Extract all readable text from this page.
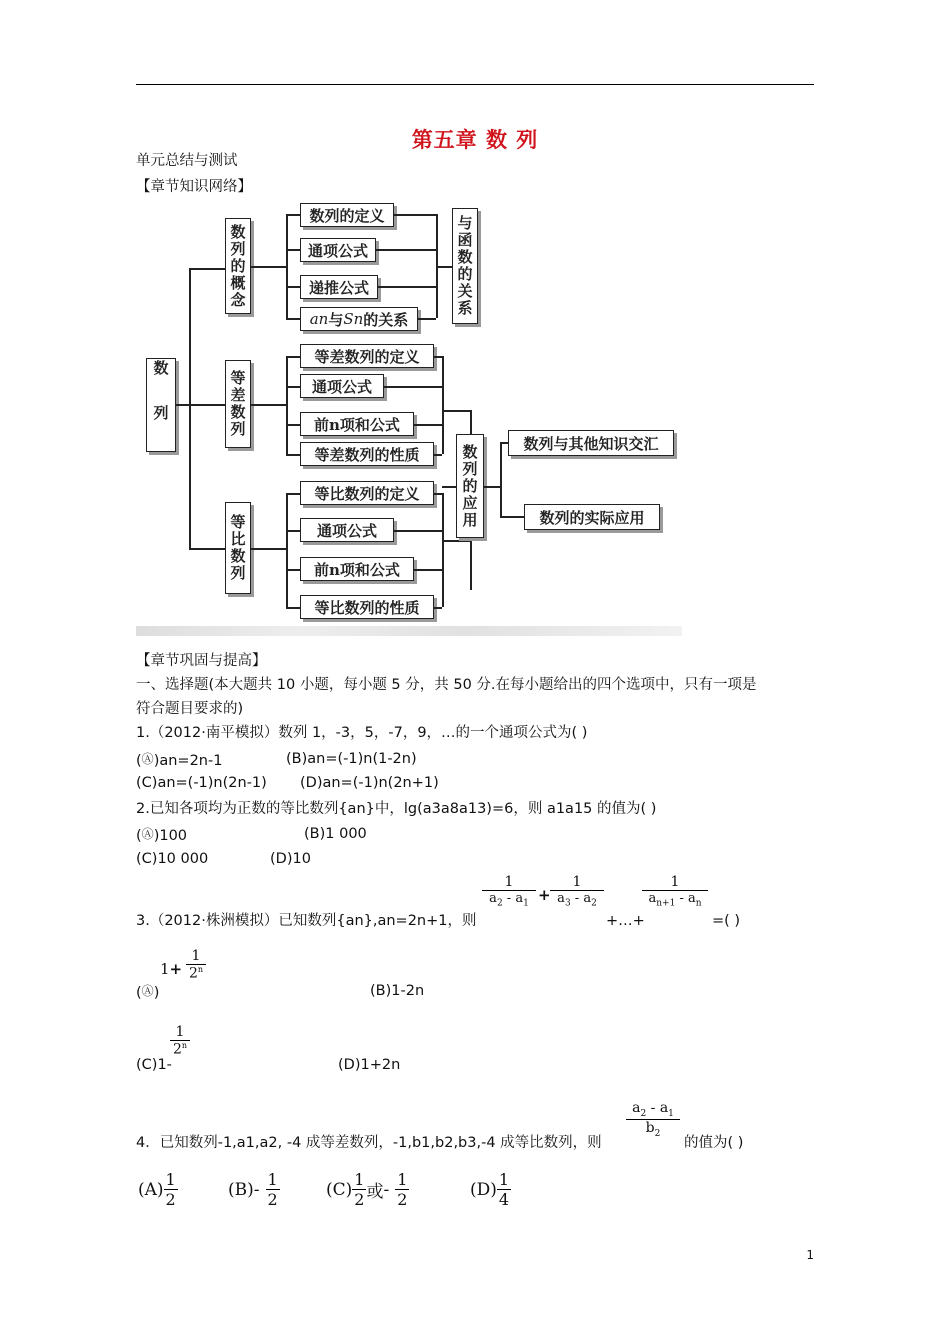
第五章 数 列
单元总结与测试
【章节知识网络】
数列
数列的概念
数列的定义
通项公式
递推公式
an 与 Sn 的关系
与函数的关系
等差数列
等差数列的定义
通项公式
前n项和公式
等差数列的性质
等比数列
等比数列的定义
通项公式
前n项和公式
等比数列的性质
数列的应用	数列与其他知识交汇
数列的实际应用
【章节巩固与提高】
一、选择题(本大题共 10 小题，每小题 5 分，共 50 分.在每小题给出的四个选项中，只有一项是
符合题目要求的)
1.（2012·南平模拟）数列 1，-3，5，-7，9，…的一个通项公式为( )
(Ⓐ)an=2n-1	(B)an=(-1)n(1-2n)
(C)an=(-1)n(2n-1) (D)an=(-1)n(2n+1)
2.已知各项均为正数的等比数列{an}中，lg(a3a8a13)=6，则 a1a15 的值为( )
(Ⓐ)100	(B)1 000
(C)10 000	(D)10
3.（2012·株洲模拟）已知数列{an},an=2n+1，则
1
$a_2 - a_1$ +
1
$a_3 - a_2$
+…+
1
$a_{n+1} - a_n$
=( )
1+
1
2$^n$
(Ⓐ)	(B)1-2n
1
2$^n$
(C)1-	(D)1+2n
$a_2 - a_1$
$b_2$
4．已知数列-1,a1,a2, -4 成等差数列，-1,b1,b2,b3,-4 成等比数列，则	的值为( )
(A) 1
2	(B)- 1
2	(C) 1
2 或 - 1
2	(D) 1
4
1
